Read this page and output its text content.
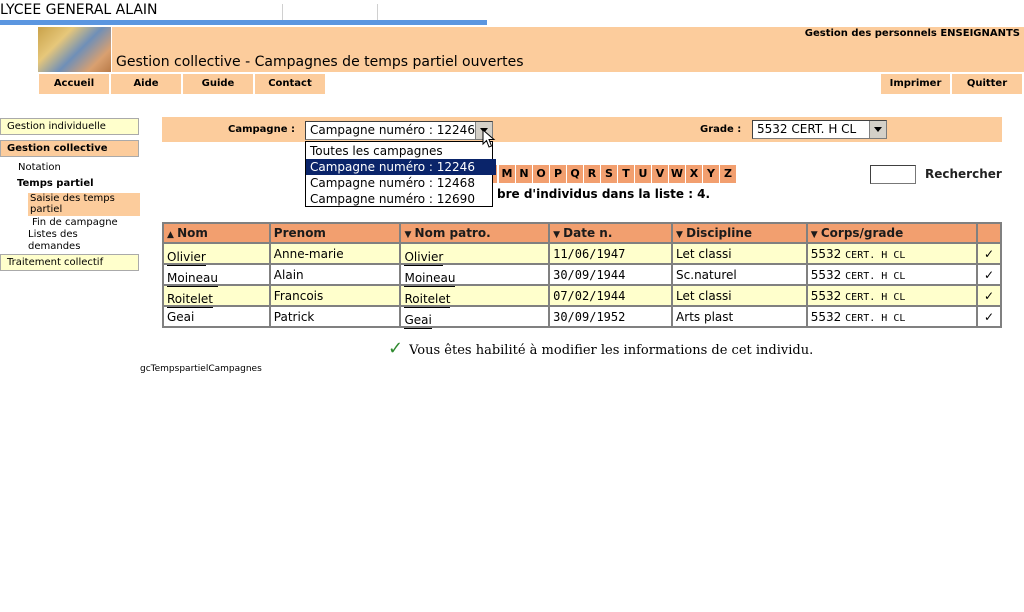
LYCEE GENERAL ALAIN
Gestion des personnels ENSEIGNANTS
Gestion collective - Campagnes de temps partiel ouvertes
Accueil	Aide	Guide	Contact	Imprimer	Quitter
Gestion individuelle
Gestion collective
Notation
Temps partiel
Saisie des temps partiel
Fin de campagne
Listes des demandes
Traitement collectif
Campagne :	Campagne numéro : 12246	Grade :	5532 CERT. H CL
M N O P Q R S T U V W X Y Z
bre d'individus dans la liste : 4.
Rechercher
Toutes les campagnes
Campagne numéro : 12246
Campagne numéro : 12468
Campagne numéro : 12690
▲ Nom	Prenom	▼ Nom patro.	▼ Date n.	▼ Discipline	▼ Corps/grade	
Olivier	Anne-marie	Olivier	11/06/1947	Let classi	5532 CERT. H CL	✓
Moineau	Alain	Moineau	30/09/1944	Sc.naturel	5532 CERT. H CL	✓
Roitelet	Francois	Roitelet	07/02/1944	Let classi	5532 CERT. H CL	✓
Geai	Patrick	Geai	30/09/1952	Arts plast	5532 CERT. H CL	✓
✓ Vous êtes habilité à modifier les informations de cet individu.
gcTempspartielCampagnes
